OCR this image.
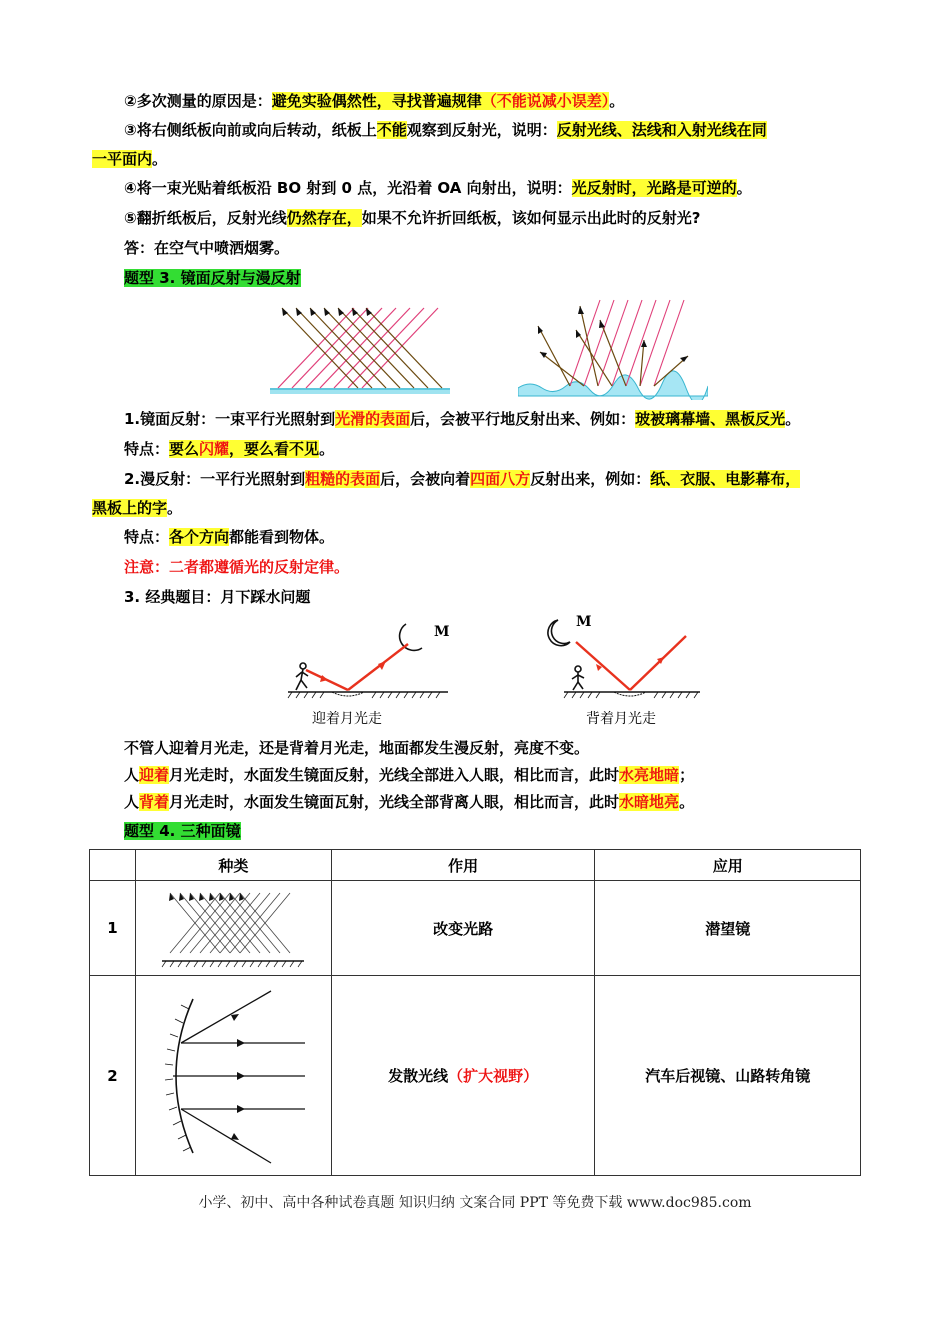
②多次测量的原因是：避免实验偶然性，寻找普遍规律（不能说减小误差）。
③将右侧纸板向前或向后转动，纸板上不能观察到反射光，说明：反射光线、法线和入射光线在同
一平面内。
④将一束光贴着纸板沿 BO 射到 0 点，光沿着 OA 向射出，说明：光反射时，光路是可逆的。
⑤翻折纸板后，反射光线仍然存在，如果不允许折回纸板，该如何显示出此时的反射光?
答：在空气中喷洒烟雾。
题型 3. 镜面反射与漫反射
1.镜面反射：一束平行光照射到光滑的表面后，会被平行地反射出来、例如：玻被璃幕墙、黑板反光。
特点：要么闪耀，要么看不见。
2.漫反射：一平行光照射到粗糙的表面后，会被向着四面八方反射出来，例如：纸、衣服、电影幕布，
黑板上的字。
特点：各个方向都能看到物体。
注意：二者都遵循光的反射定律。
3. 经典题目：月下踩水问题
M
迎着月光走
M
背着月光走
不管人迎着月光走，还是背着月光走，地面都发生漫反射，亮度不变。
人迎着月光走时，水面发生镜面反射，光线全部进入人眼，相比而言，此时水亮地暗；
人背着月光走时，水面发生镜面瓦射，光线全部背离人眼，相比而言，此时水暗地亮。
题型 4. 三种面镜
	种类	作用	应用
1		改变光路	潜望镜
2		发散光线（扩大视野）	汽车后视镜、山路转角镜
小学、初中、高中各种试卷真题 知识归纳 文案合同 PPT 等免费下载 www.doc985.com
